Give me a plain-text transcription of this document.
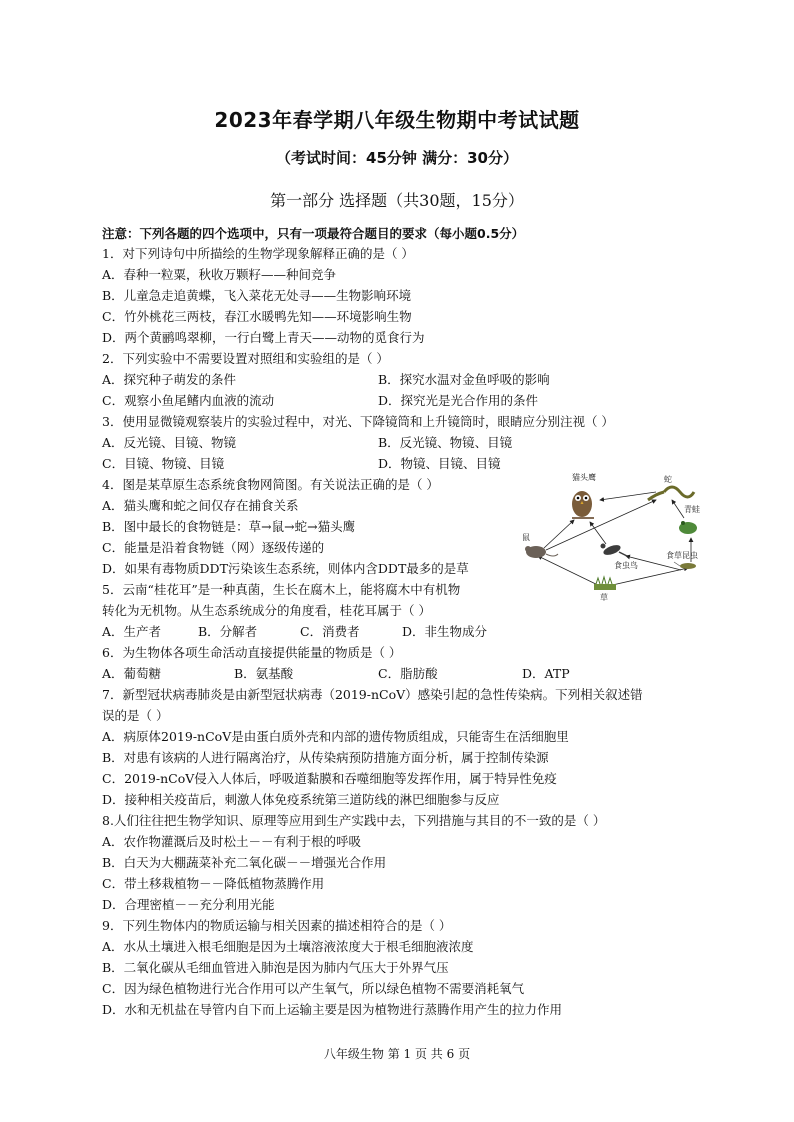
2023年春学期八年级生物期中考试试题
（考试时间：45分钟 满分：30分）
第一部分 选择题（共30题，15分）
注意：下列各题的四个选项中，只有一项最符合题目的要求（每小题0.5分）
1．对下列诗句中所描绘的生物学现象解释正确的是（ ）
A．春种一粒粟，秋收万颗籽——种间竞争
B．儿童急走追黄蝶，飞入菜花无处寻——生物影响环境
C．竹外桃花三两枝，春江水暖鸭先知——环境影响生物
D．两个黄鹂鸣翠柳，一行白鹭上青天——动物的觅食行为
2．下列实验中不需要设置对照组和实验组的是（ ）
A．探究种子萌发的条件	B．探究水温对金鱼呼吸的影响
C．观察小鱼尾鳍内血液的流动	D．探究光是光合作用的条件
3．使用显微镜观察装片的实验过程中，对光、下降镜筒和上升镜筒时，眼睛应分别注视（ ）
A．反光镜、目镜、物镜	B．反光镜、物镜、目镜
C．目镜、物镜、目镜	D．物镜、目镜、目镜
4．图是某草原生态系统食物网简图。有关说法正确的是（ ）
A．猫头鹰和蛇之间仅存在捕食关系
B．图中最长的食物链是：草→鼠→蛇→猫头鹰
C．能量是沿着食物链（网）逐级传递的
D．如果有毒物质DDT污染该生态系统，则体内含DDT最多的是草
5．云南“桂花耳”是一种真菌，生长在腐木上，能将腐木中有机物
转化为无机物。从生态系统成分的角度看，桂花耳属于（ ）
A．生产者	B．分解者	C．消费者	D．非生物成分
6．为生物体各项生命活动直接提供能量的物质是（ ）
A．葡萄糖	B．氨基酸	C．脂肪酸	D．ATP
7．新型冠状病毒肺炎是由新型冠状病毒（2019-nCoV）感染引起的急性传染病。下列相关叙述错
误的是（ ）
A．病原体2019-nCoV是由蛋白质外壳和内部的遗传物质组成，只能寄生在活细胞里
B．对患有该病的人进行隔离治疗，从传染病预防措施方面分析，属于控制传染源
C．2019-nCoV侵入人体后，呼吸道黏膜和吞噬细胞等发挥作用，属于特异性免疫
D．接种相关疫苗后，刺激人体免疫系统第三道防线的淋巴细胞参与反应
8.人们往往把生物学知识、原理等应用到生产实践中去，下列措施与其目的不一致的是（ ）
A．农作物灌溉后及时松土－－有利于根的呼吸
B．白天为大棚蔬菜补充二氧化碳－－增强光合作用
C．带土移栽植物－－降低植物蒸腾作用
D．合理密植－－充分利用光能
9．下列生物体内的物质运输与相关因素的描述相符合的是（ ）
A．水从土壤进入根毛细胞是因为土壤溶液浓度大于根毛细胞液浓度
B．二氧化碳从毛细血管进入肺泡是因为肺内气压大于外界气压
C．因为绿色植物进行光合作用可以产生氧气，所以绿色植物不需要消耗氧气
D．水和无机盐在导管内自下而上运输主要是因为植物进行蒸腾作用产生的拉力作用
猫头鹰	蛇
青蛙
鼠
食虫鸟
食草昆虫
草
八年级生物 第 1 页 共 6 页
